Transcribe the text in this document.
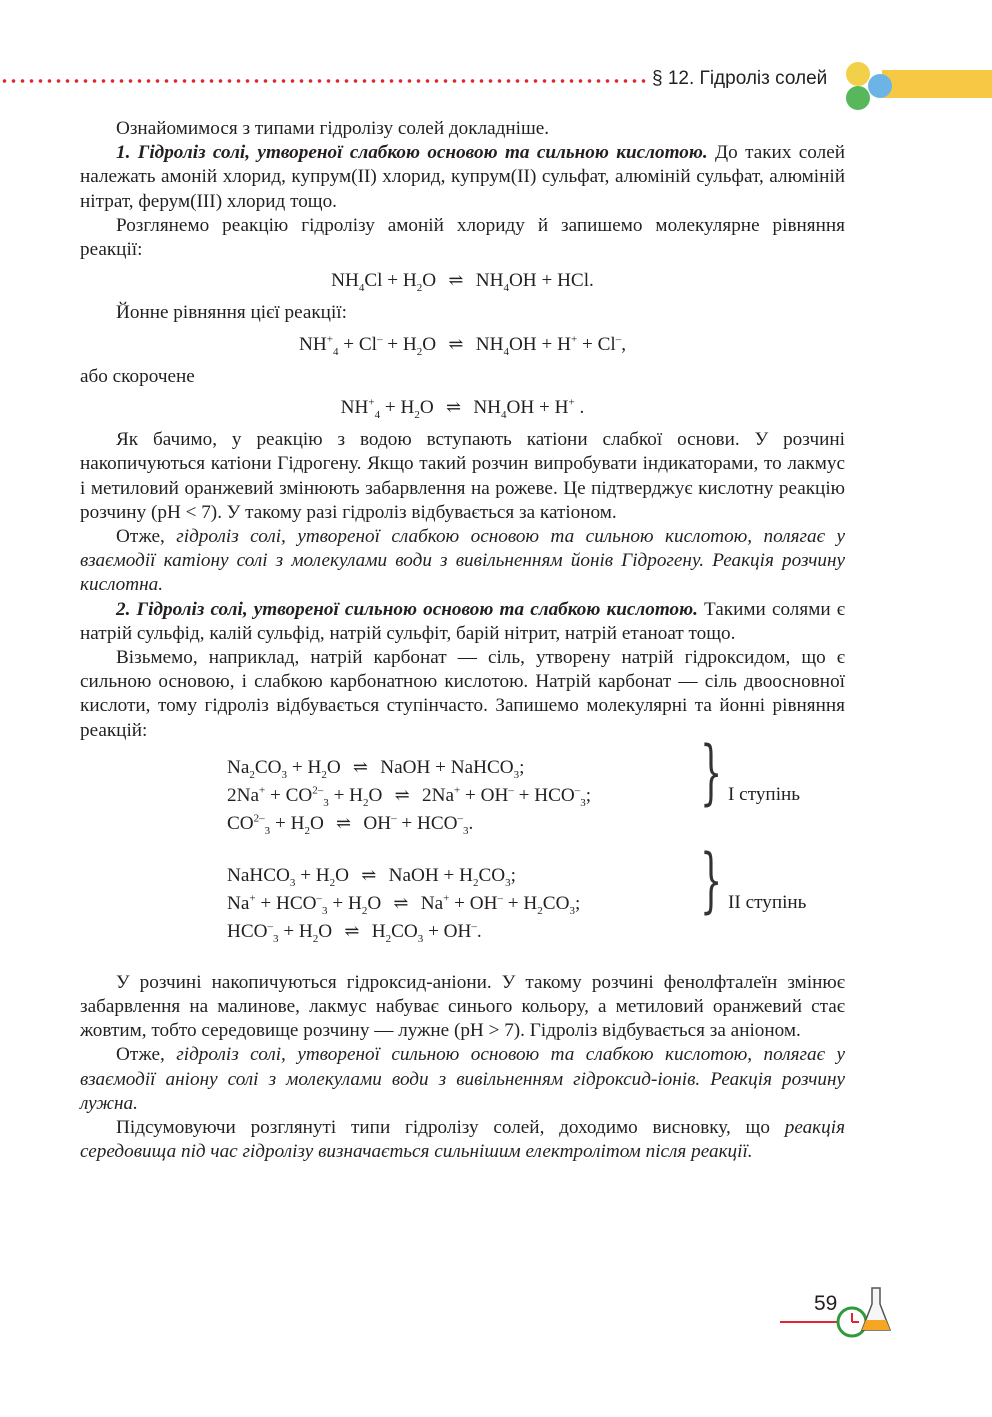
§ 12. Гідроліз солей

Ознайомимося з типами гідролізу солей докладніше.

1. Гідроліз солі, утвореної слабкою основою та сильною кислотою. До таких солей належать амоній хлорид, купрум(ІІ) хлорид, купрум(ІІ) сульфат, алюміній сульфат, алюміній нітрат, ферум(ІІІ) хлорид тощо.

Розглянемо реакцію гідролізу амоній хлориду й запишемо молекулярне рівняння реакції:

$NH_4Cl + H_2O$ ⇌ $NH_4OH$ + HCl.

Йонне рівняння цієї реакції:

$NH^+_4 + Cl^- + H_2O$ ⇌ $NH_4OH + H^+ + Cl^-$,

або скорочене

$NH^+_4 + H_2O$ ⇌ $NH_4OH + H^+$ .

Як бачимо, у реакцію з водою вступають катіони слабкої основи. У розчині накопичуються катіони Гідрогену. Якщо такий розчин випробувати індикаторами, то лакмус і метиловий оранжевий змінюють забарвлення на рожеве. Це підтверджує кислотну реакцію розчину (pH < 7). У такому разі гідроліз відбувається за катіоном.

Отже, гідроліз солі, утвореної слабкою основою та сильною кислотою, полягає у взаємодії катіону солі з молекулами води з вивільненням йонів Гідрогену. Реакція розчину кислотна.

2. Гідроліз солі, утвореної сильною основою та слабкою кислотою. Такими солями є натрій сульфід, калій сульфід, натрій сульфіт, барій нітрит, натрій етаноат тощо.

Візьмемо, наприклад, натрій карбонат — сіль, утворену натрій гідроксидом, що є сильною основою, і слабкою карбонатною кислотою. Натрій карбонат — сіль двоосновної кислоти, тому гідроліз відбувається ступінчасто. Запишемо молекулярні та йонні рівняння реакцій:

$Na_2CO_3 + H_2O$ ⇌ NaOH + NaHCO$_3$;
$2Na^+ + CO^{2-}_3 + H_2O$ ⇌ $2Na^+ + OH^- + HCO^-_3$;
$CO^{2-}_3 + H_2O$ ⇌ $OH^- + HCO^-_3$.
} І ступінь
NaHCO$_3$ + $H_2O$ ⇌ NaOH + $H_2CO_3$;
$Na^+ + HCO^-_3 + H_2O$ ⇌ $Na^+ + OH^- + H_2CO_3$;
$HCO^-_3 + H_2O$ ⇌ $H_2CO_3 + OH^-$.
} ІІ ступінь

У розчині накопичуються гідроксид-аніони. У такому розчині фенолфталеїн змінює забарвлення на малинове, лакмус набуває синього кольору, а метиловий оранжевий стає жовтим, тобто середовище розчину — лужне (pH > 7). Гідроліз відбувається за аніоном.

Отже, гідроліз солі, утвореної сильною основою та слабкою кислотою, полягає у взаємодії аніону солі з молекулами води з вивільненням гідроксид-іонів. Реакція розчину лужна.

Підсумовуючи розглянуті типи гідролізу солей, доходимо висновку, що реакція середовища під час гідролізу визначається сильнішим електролітом після реакції.

59
